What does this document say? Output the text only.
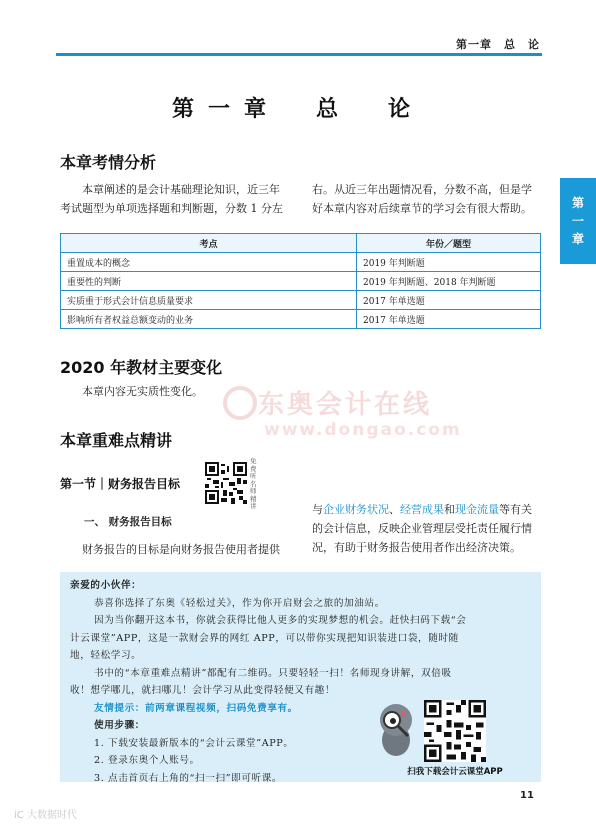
第一章　总　论
第
一
章
第一章　总　论
本章考情分析
本章阐述的是会计基础理论知识，近三年
考试题型为单项选择题和判断题，分数 1 分左
右。从近三年出题情况看，分数不高，但是学
好本章内容对后续章节的学习会有很大帮助。
考点	年份／题型
重置成本的概念	2019 年判断题
重要性的判断	2019 年判断题、2018 年判断题
实质重于形式会计信息质量要求	2017 年单选题
影响所有者权益总额变动的业务	2017 年单选题
2020 年教材主要变化
本章内容无实质性变化。 东奥会计在线
www.dongao.com
本章重难点精讲
第一节｜财务报告目标
免费听名师精讲
一、 财务报告目标
财务报告的目标是向财务报告使用者提供
与企业财务状况、经营成果和现金流量等有关
的会计信息，反映企业管理层受托责任履行情
况，有助于财务报告使用者作出经济决策。
亲爱的小伙伴：
恭喜你选择了东奥《轻松过关》，作为你开启财会之旅的加油站。
因为当你翻开这本书，你就会获得比他人更多的实现梦想的机会。赶快扫码下载“会
计云课堂”APP，这是一款财会界的网红 APP，可以带你实现把知识装进口袋，随时随
地，轻松学习。
书中的“本章重难点精讲”都配有二维码。只要轻轻一扫！名师现身讲解，双倍吸
收！想学哪儿，就扫哪儿！会计学习从此变得轻便又有趣！
友情提示：前两章课程视频，扫码免费享有。
使用步骤：
1. 下载安装最新版本的“会计云课堂”APP。
2. 登录东奥个人账号。
3. 点击首页右上角的“扫一扫”即可听课。
扫我下载会计云课堂APP
11
iC 大数据时代
